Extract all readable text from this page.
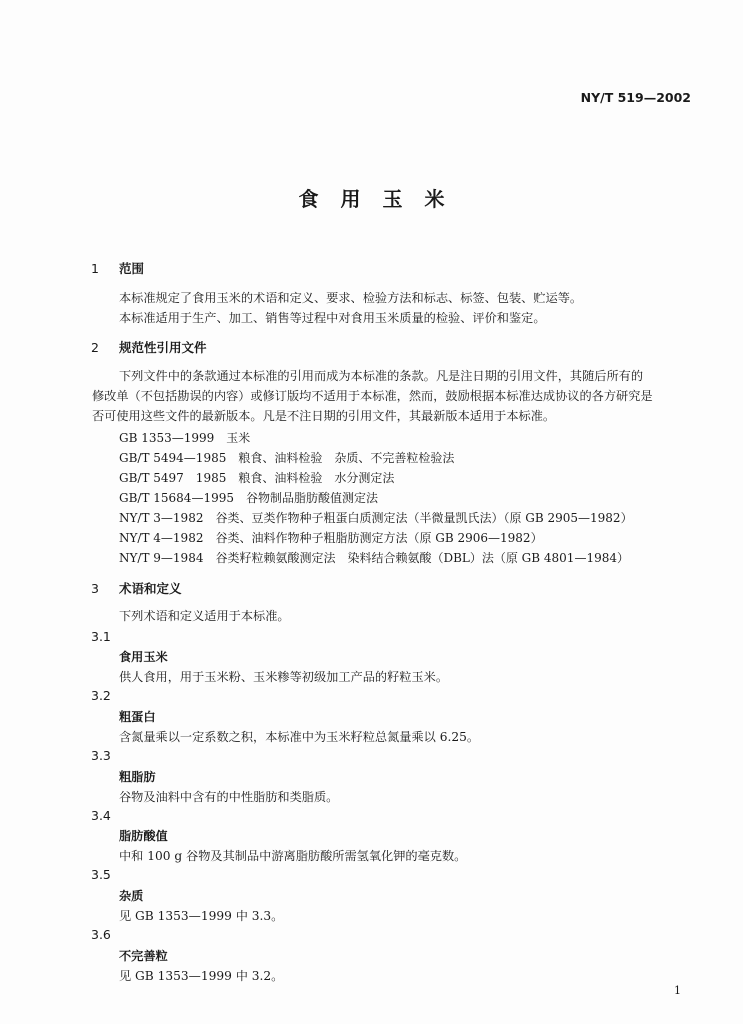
NY/T 519—2002
食用玉米
1 范围
本标准规定了食用玉米的术语和定义、要求、检验方法和标志、标签、包装、贮运等。
本标准适用于生产、加工、销售等过程中对食用玉米质量的检验、评价和鉴定。
2 规范性引用文件
下列文件中的条款通过本标准的引用而成为本标准的条款。凡是注日期的引用文件，其随后所有的
修改单（不包括勘误的内容）或修订版均不适用于本标准，然而，鼓励根据本标准达成协议的各方研究是
否可使用这些文件的最新版本。凡是不注日期的引用文件，其最新版本适用于本标准。
GB 1353—1999　玉米
GB/T 5494—1985　粮食、油料检验　杂质、不完善粒检验法
GB/T 5497　1985　粮食、油料检验　水分测定法
GB/T 15684—1995　谷物制品脂肪酸值测定法
NY/T 3—1982　谷类、豆类作物种子粗蛋白质测定法（半微量凯氏法）（原 GB 2905—1982）
NY/T 4—1982　谷类、油料作物种子粗脂肪测定方法（原 GB 2906—1982）
NY/T 9—1984　谷类籽粒赖氨酸测定法　染料结合赖氨酸（DBL）法（原 GB 4801—1984）
3 术语和定义
下列术语和定义适用于本标准。
3.1
食用玉米
供人食用，用于玉米粉、玉米糁等初级加工产品的籽粒玉米。
3.2
粗蛋白
含氮量乘以一定系数之积，本标准中为玉米籽粒总氮量乘以 6.25。
3.3
粗脂肪
谷物及油料中含有的中性脂肪和类脂质。
3.4
脂肪酸值
中和 100 g 谷物及其制品中游离脂肪酸所需氢氧化钾的毫克数。
3.5
杂质
见 GB 1353—1999 中 3.3。
3.6
不完善粒
见 GB 1353—1999 中 3.2。
1
